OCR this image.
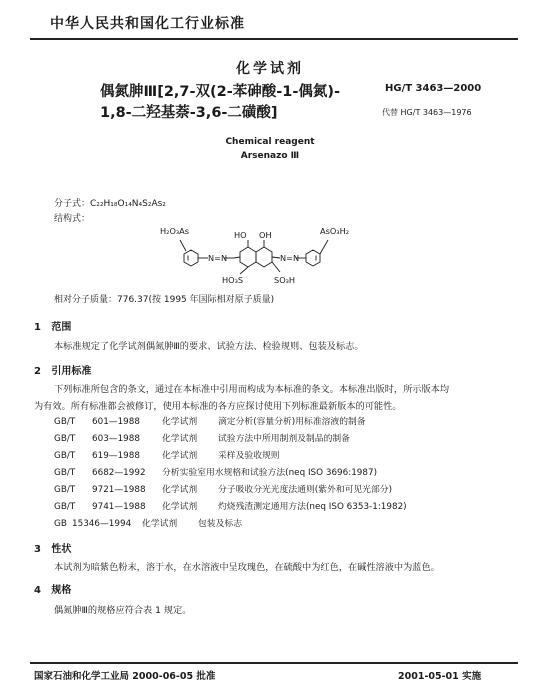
中华人民共和国化工行业标准
化学试剂
偶氮胂Ⅲ[2,7-双(2-苯砷酸-1-偶氮)-
1,8-二羟基萘-3,6-二磺酸]
HG/T 3463—2000
代替 HG/T 3463—1976
Chemical reagent
Arsenazo Ⅲ
分子式：C₂₂H₁₈O₁₄N₄S₂As₂
结构式：
H₂O₃As	HO OH
N=N	N=N
AsO₃H₂
HO₃S	SO₃H
相对分子质量：776.37(按 1995 年国际相对原子质量)
1 范围
本标准规定了化学试剂偶氮胂Ⅲ的要求、试验方法、检验规则、包装及标志。
2 引用标准
下列标准所包含的条文，通过在本标准中引用而构成为本标准的条文。本标准出版时，所示版本均
为有效。所有标准都会被修订，使用本标准的各方应探讨使用下列标准最新版本的可能性。
GB/T 601—1988	化学试剂 滴定分析(容量分析)用标准溶液的制备
GB/T 603—1988	化学试剂 试验方法中所用制剂及制品的制备
GB/T 619—1988	化学试剂 采样及验收规则
GB/T 6682—1992 分析实验室用水规格和试验方法(neq ISO 3696:1987)
GB/T 9721—1988 化学试剂 分子吸收分光光度法通则(紫外和可见光部分)
GB/T 9741—1988 化学试剂 灼烧残渣测定通用方法(neq ISO 6353-1:1982)
GB 15346—1994 化学试剂 包装及标志
3 性状
本试剂为暗紫色粉末，溶于水，在水溶液中呈玫瑰色，在硫酸中为红色，在碱性溶液中为蓝色。
4 规格
偶氮胂Ⅲ的规格应符合表 1 规定。
国家石油和化学工业局 2000-06-05 批准	2001-05-01 实施
